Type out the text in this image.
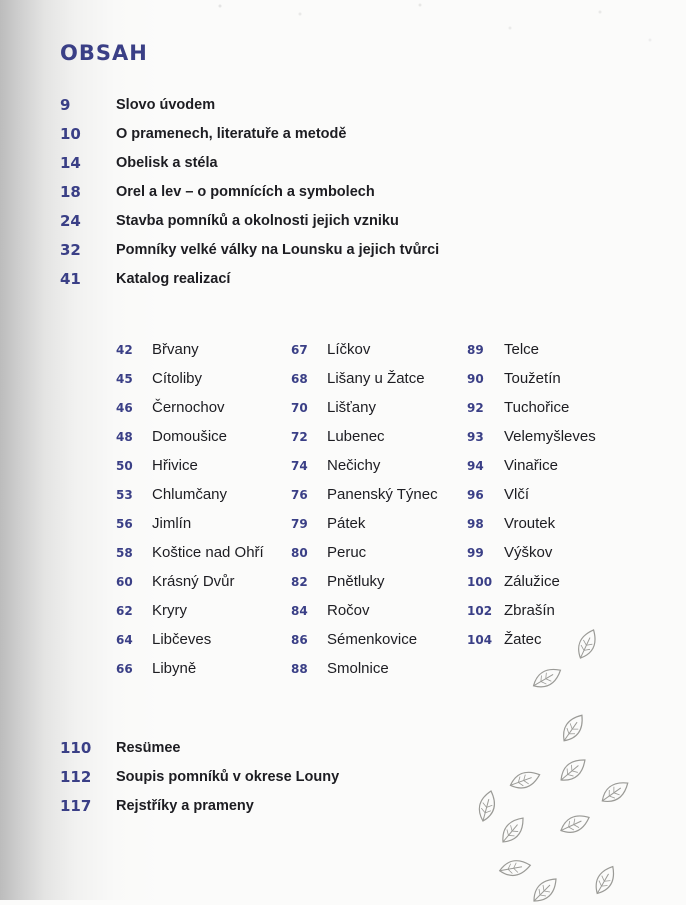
OBSAH
9	Slovo úvodem
10 O pramenech, literatuře a metodě
14 Obelisk a stéla
18 Orel a lev – o pomnících a symbolech
24 Stavba pomníků a okolnosti jejich vzniku
32 Pomníky velké války na Lounsku a jejich tvůrci
41 Katalog realizací
42 Břvany
45 Cítoliby
46 Černochov
48 Domoušice
50 Hřivice
53 Chlumčany
56 Jimlín
58 Koštice nad Ohří
60 Krásný Dvůr
62 Kryry
64 Libčeves
66 Libyně
67 Líčkov
68 Lišany u Žatce
70 Lišťany
72 Lubenec
74 Nečichy
76 Panenský Týnec
79 Pátek
80 Peruc
82 Pnětluky
84 Ročov
86 Sémenkovice
88 Smolnice
89 Telce
90 Toužetín
92 Tuchořice
93 Velemyšleves
94 Vinařice
96 Vlčí
98 Vroutek
99 Výškov
100 Zálužice
102 Zbrašín
104 Žatec
110 Resümee
112 Soupis pomníků v okrese Louny
117 Rejstříky a prameny
